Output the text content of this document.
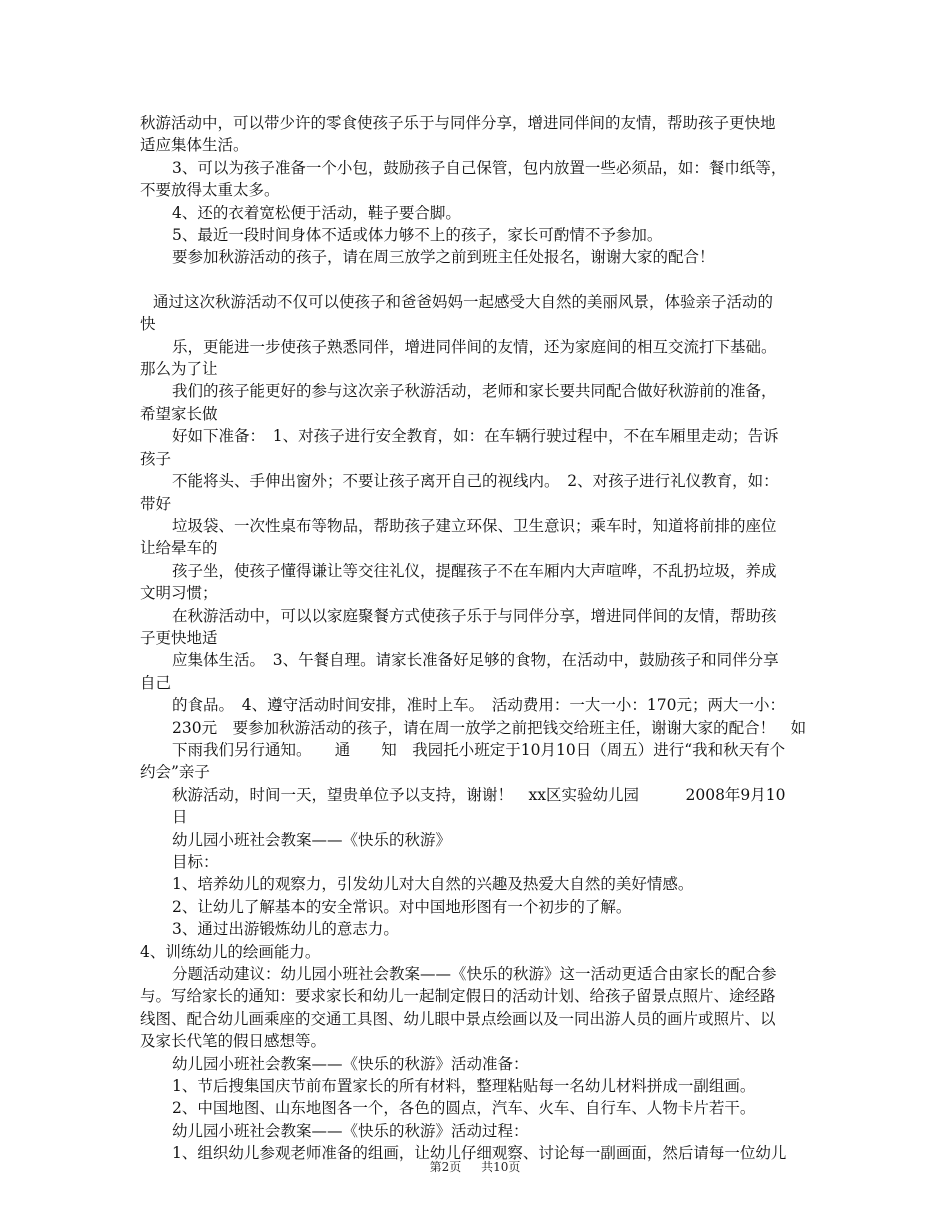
秋游活动中，可以带少许的零食使孩子乐于与同伴分享，增进同伴间的友情，帮助孩子更快地
适应集体生活。
3、可以为孩子准备一个小包，鼓励孩子自己保管，包内放置一些必须品，如：餐巾纸等，
不要放得太重太多。
4、还的衣着宽松便于活动，鞋子要合脚。
5、最近一段时间身体不适或体力够不上的孩子，家长可酌情不予参加。
要参加秋游活动的孩子，请在周三放学之前到班主任处报名，谢谢大家的配合！
通过这次秋游活动不仅可以使孩子和爸爸妈妈一起感受大自然的美丽风景，体验亲子活动的
快
乐，更能进一步使孩子熟悉同伴，增进同伴间的友情，还为家庭间的相互交流打下基础。
那么为了让
我们的孩子能更好的参与这次亲子秋游活动，老师和家长要共同配合做好秋游前的准备，
希望家长做
好如下准备：　1、对孩子进行安全教育，如：在车辆行驶过程中，不在车厢里走动；告诉
孩子
不能将头、手伸出窗外；不要让孩子离开自己的视线内。　2、对孩子进行礼仪教育，如：
带好
垃圾袋、一次性桌布等物品，帮助孩子建立环保、卫生意识；乘车时，知道将前排的座位
让给晕车的
孩子坐，使孩子懂得谦让等交往礼仪，提醒孩子不在车厢内大声喧哗，不乱扔垃圾，养成
文明习惯；
在秋游活动中，可以以家庭聚餐方式使孩子乐于与同伴分享，增进同伴间的友情，帮助孩
子更快地适
应集体生活。　3、午餐自理。请家长准备好足够的食物，在活动中，鼓励孩子和同伴分享
自己
的食品。　4、遵守活动时间安排，准时上车。　活动费用：一大一小：170元；两大一小：
230元　要参加秋游活动的孩子，请在周一放学之前把钱交给班主任，谢谢大家的配合！　如
下雨我们另行通知。　　通　　知　我园托小班定于10月10日（周五）进行“我和秋天有个
约会”亲子
秋游活动，时间一天，望贵单位予以支持，谢谢！　xx区实验幼儿园　　　2008年9月10
日
幼儿园小班社会教案——《快乐的秋游》
目标：
1、培养幼儿的观察力，引发幼儿对大自然的兴趣及热爱大自然的美好情感。
2、让幼儿了解基本的安全常识。对中国地形图有一个初步的了解。
3、通过出游锻炼幼儿的意志力。
4、训练幼儿的绘画能力。
分题活动建议：幼儿园小班社会教案——《快乐的秋游》这一活动更适合由家长的配合参
与。写给家长的通知：要求家长和幼儿一起制定假日的活动计划、给孩子留景点照片、途经路
线图、配合幼儿画乘座的交通工具图、幼儿眼中景点绘画以及一同出游人员的画片或照片、以
及家长代笔的假日感想等。
幼儿园小班社会教案——《快乐的秋游》活动准备：
1、节后搜集国庆节前布置家长的所有材料，整理粘贴每一名幼儿材料拼成一副组画。
2、中国地图、山东地图各一个，各色的圆点，汽车、火车、自行车、人物卡片若干。
幼儿园小班社会教案——《快乐的秋游》活动过程：
1、组织幼儿参观老师准备的组画，让幼儿仔细观察、讨论每一副画面，然后请每一位幼儿
第2页 共10页
